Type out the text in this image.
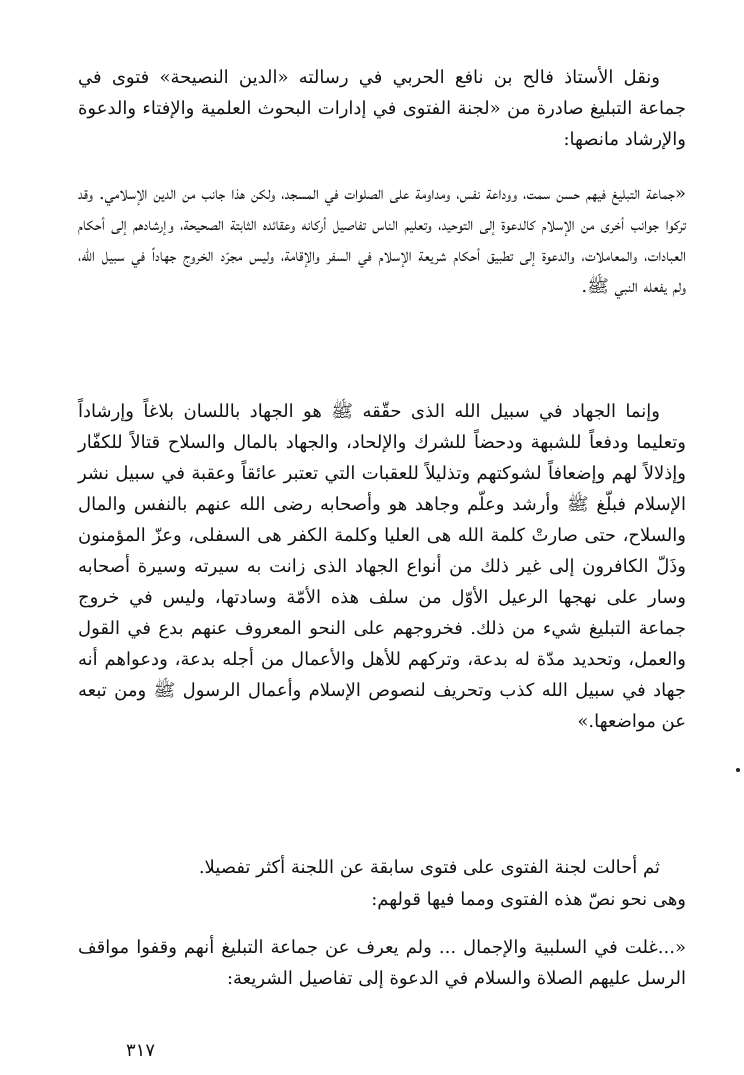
ونقل الأستاذ فالح بن نافع الحربي في رسالته «الدين النصيحة» فتوى في جماعة التبليغ صادرة من «لجنة الفتوى في إدارات البحوث العلمية والإفتاء والدعوة والإرشاد مانصها:

«جماعة التبليغ فيهم حسن سمت، ووداعة نفس، ومداومة على الصلوات في المسجد، ولكن هذا جانب من الدين الإسلامي. وقد تركوا جوانب أخرى من الإسلام كالدعوة إلى التوحيد، وتعليم الناس تفاصيل أركانه وعقائده الثابتة الصحيحة، وإرشادهم إلى أحكام العبادات، والمعاملات، والدعوة إلى تطبيق أحكام شريعة الإسلام في السفر والإقامة، وليس مجرّد الخروج جهاداً في سبيل الله، ولم يفعله النبي ﷺ.

وإنما الجهاد في سبيل الله الذى حقّقه ﷺ هو الجهاد باللسان بلاغاً وإرشاداً وتعليما ودفعاً للشبهة ودحضاً للشرك والإلحاد، والجهاد بالمال والسلاح قتالاً للكفّار وإذلالاً لهم وإضعافاً لشوكتهم وتذليلاً للعقبات التي تعتبر عائقاً وعقبة في سبيل نشر الإسلام فبلّغ ﷺ وأرشد وعلّم وجاهد هو وأصحابه رضى الله عنهم بالنفس والمال والسلاح، حتى صارتْ كلمة الله هى العليا وكلمة الكفر هى السفلى، وعزّ المؤمنون وذَلّ الكافرون إلى غير ذلك من أنواع الجهاد الذى زانت به سيرته وسيرة أصحابه وسار على نهجها الرعيل الأوّل من سلف هذه الأمّة وسادتها، وليس في خروج جماعة التبليغ شيء من ذلك. فخروجهم على النحو المعروف عنهم بدع في القول والعمل، وتحديد مدّة له بدعة، وتركهم للأهل والأعمال من أجله بدعة، ودعواهم أنه جهاد في سبيل الله كذب وتحريف لنصوص الإسلام وأعمال الرسول ﷺ ومن تبعه عن مواضعها.»

ثم أحالت لجنة الفتوى على فتوى سابقة عن اللجنة أكثر تفصيلا.

وهى نحو نصّ هذه الفتوى ومما فيها قولهم:

«...غلت في السلبية والإجمال ... ولم يعرف عن جماعة التبليغ أنهم وقفوا مواقف الرسل عليهم الصلاة والسلام في الدعوة إلى تفاصيل الشريعة:

٣١٧
